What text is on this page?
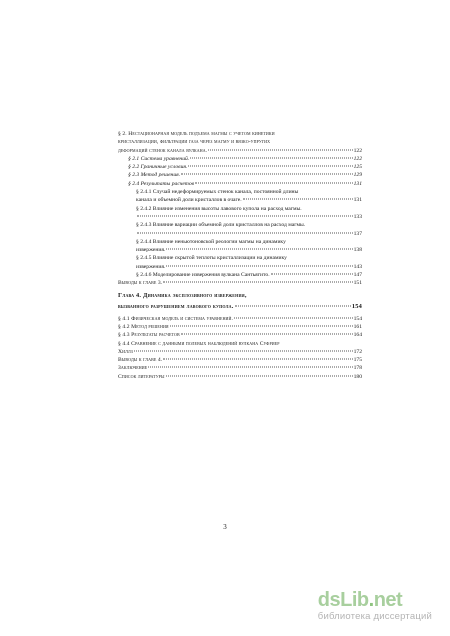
§ 2. Нестационарная модель подъема магмы с учетом кинетики
кристаллизации, фильтрации газа через магму и вязко-упругих
деформаций стенок канала вулкана.	122
§ 2.1 Система уравнений.	122
§ 2.2 Граничные условия.	125
§ 2.3 Метод решения.	129
§ 2.4 Результаты расчетов	131
§ 2.4.1 Случай недеформируемых стенок канала, постоянной длины
канала и объемной доли кристаллов в очаге.	131
§ 2.4.2 Влияние изменения высоты лавового купола на расход магмы.
133
§ 2.4.3 Влияние вариации объемной доли кристаллов на расход магмы.
137
§ 2.4.4 Влияние неньютоновской реологии магмы на динамику
извержения.	138
§ 2.4.5 Влияние скрытой теплоты кристаллизации на динамику
извержения.	143
§ 2.4.6 Моделирование извержения вулкана Сантьягито.	147
Выводы к главе 3.	151
Глава 4. Динамика эксплозивного извержения,
вызванного разрушением лавового купола.	154
§ 4.1 Физическая модель и система уравнений.	154
§ 4.2 Метод решения	161
§ 4.3 Результаты расчетов	164
§ 4.4 Сравнение с данными полевых наблюдений вулкана Суфриер
Хиллз	172
Выводы к главе 4.	175
Заключение	178
Список литературы	180
3
dsLib.net
библиотека диссертаций
